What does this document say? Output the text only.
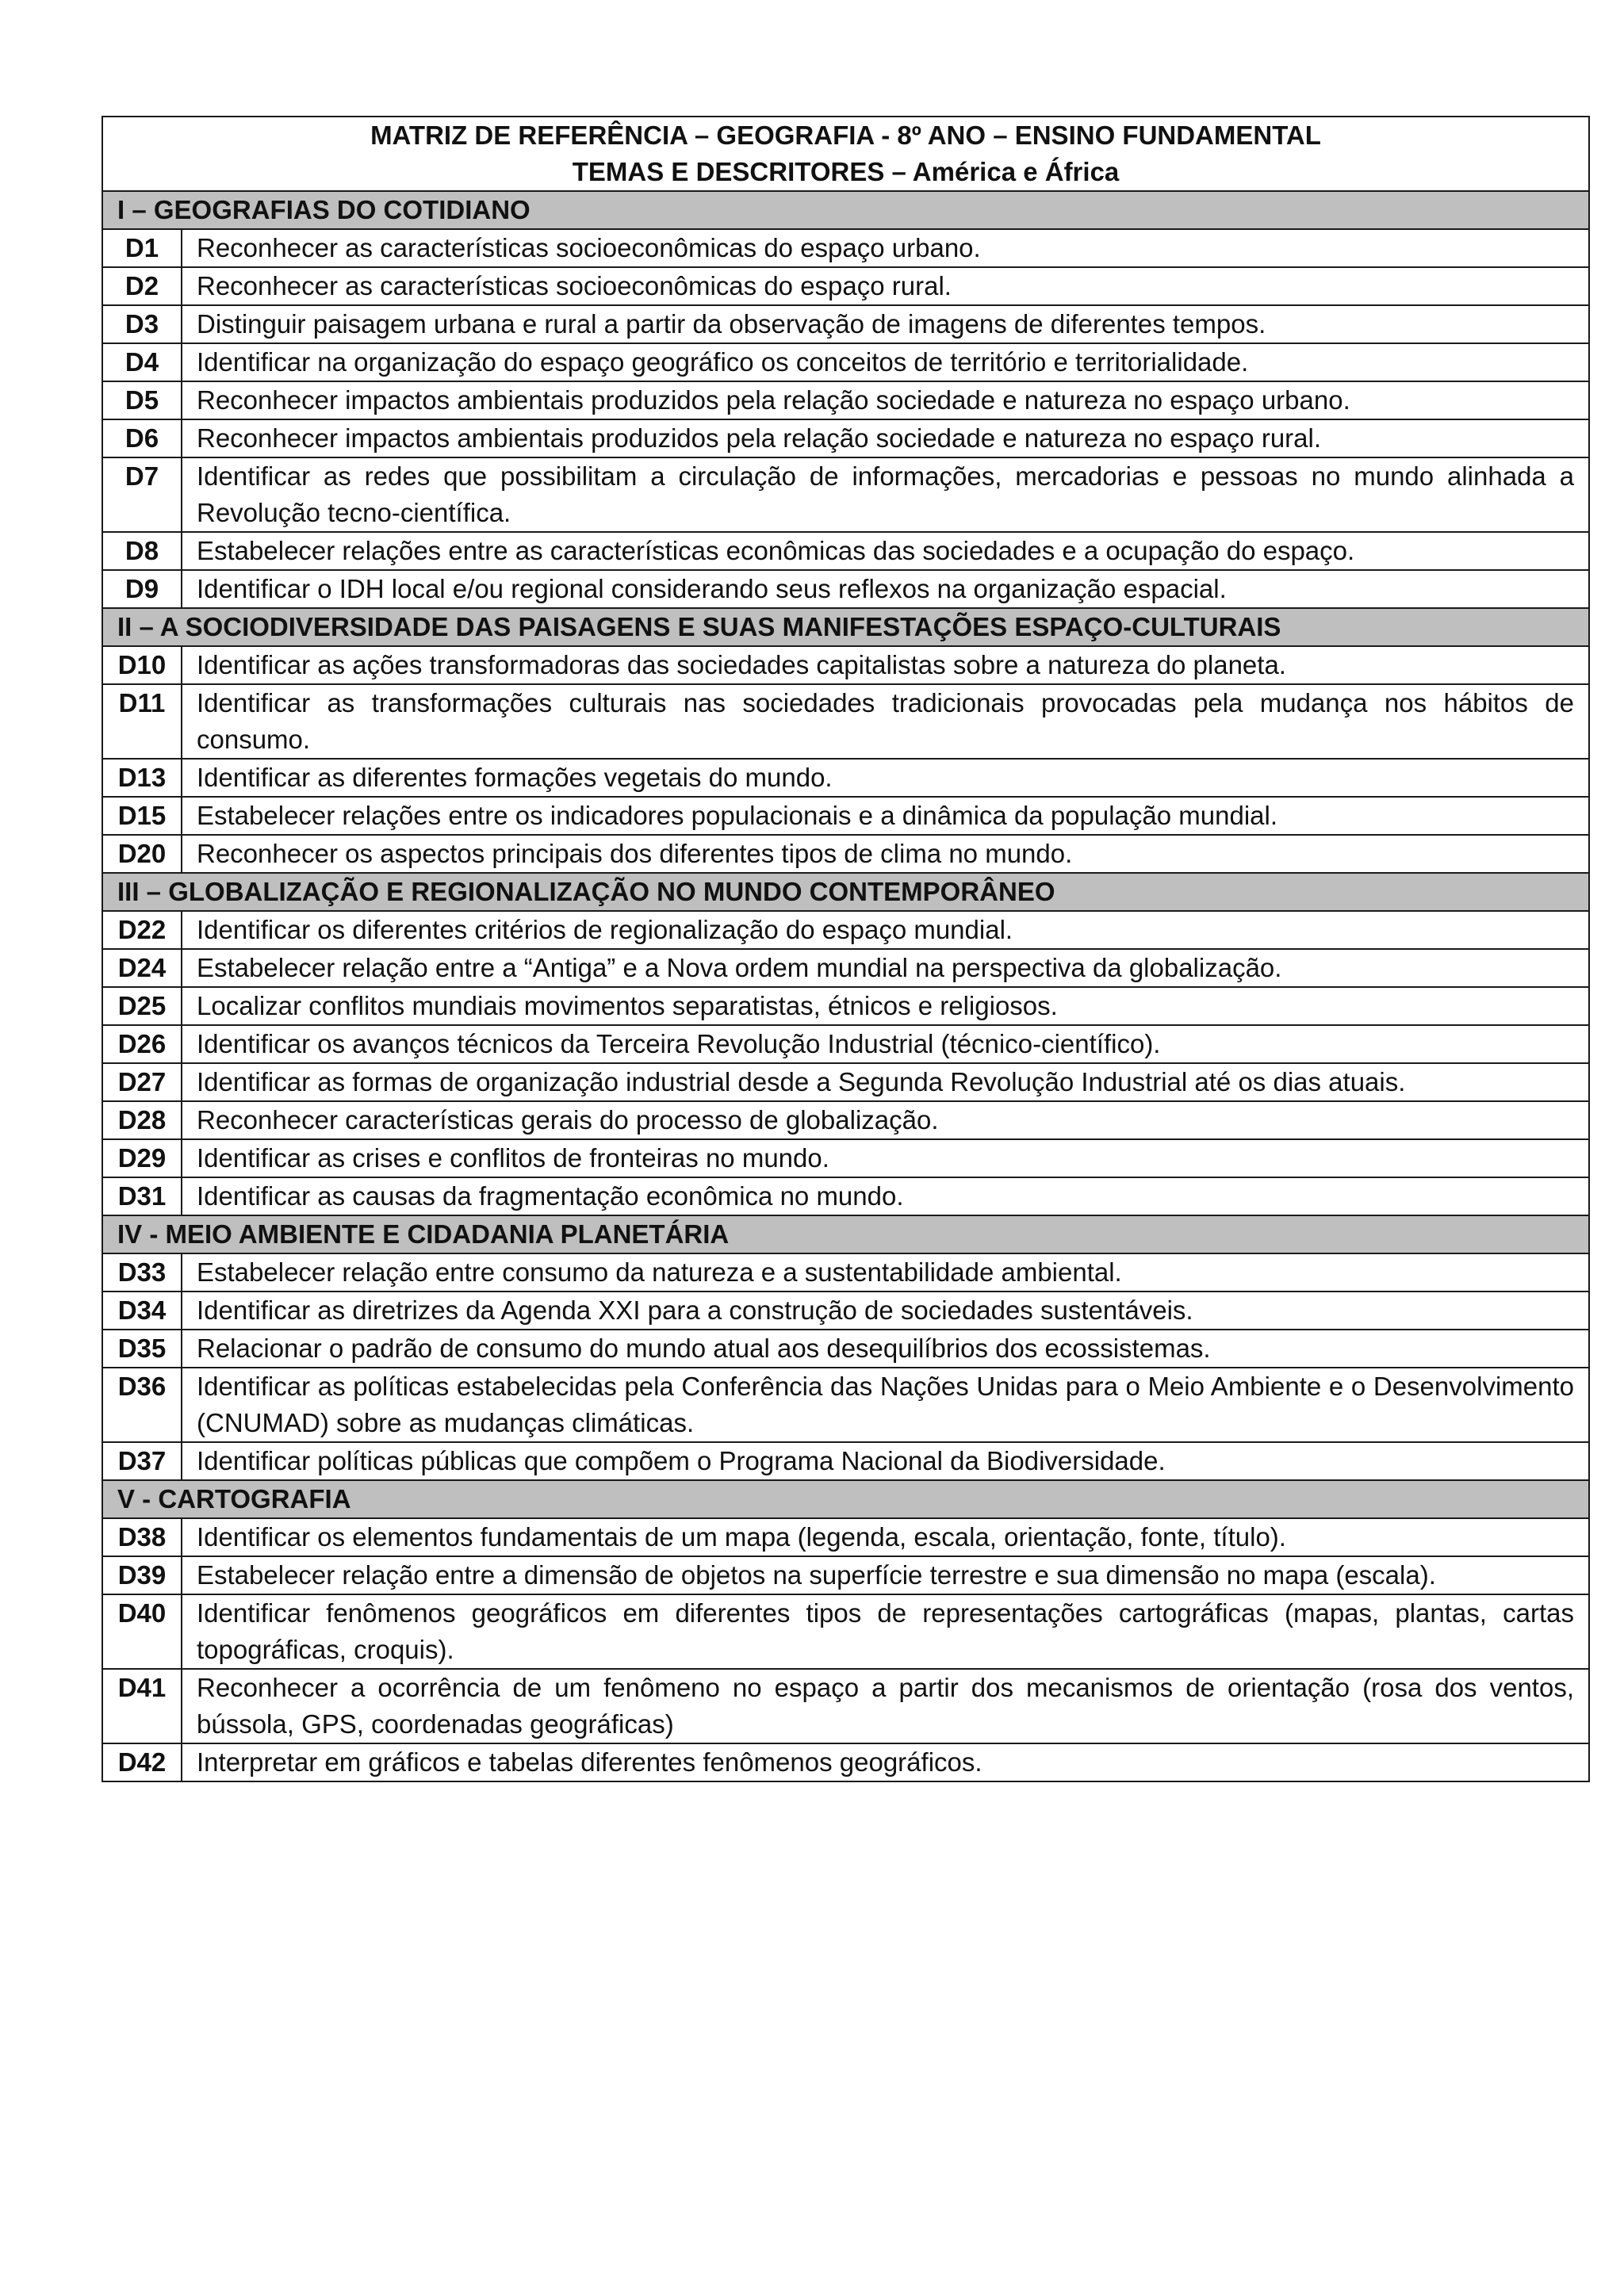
MATRIZ DE REFERÊNCIA – GEOGRAFIA - 8º ANO – ENSINO FUNDAMENTAL
TEMAS E DESCRITORES – América e África	

I – GEOGRAFIAS DO COTIDIANO	
D1	Reconhecer as características socioeconômicas do espaço urbano.
D2	Reconhecer as características socioeconômicas do espaço rural.
D3	Distinguir paisagem urbana e rural a partir da observação de imagens de diferentes tempos.
D4	Identificar na organização do espaço geográfico os conceitos de território e territorialidade.
D5	Reconhecer impactos ambientais produzidos pela relação sociedade e natureza no espaço urbano.
D6	Reconhecer impactos ambientais produzidos pela relação sociedade e natureza no espaço rural.
D7	Identificar as redes que possibilitam a circulação de informações, mercadorias e pessoas no mundo alinhada a Revolução tecno-científica.
D8	Estabelecer relações entre as características econômicas das sociedades e a ocupação do espaço.
D9	Identificar o IDH local e/ou regional considerando seus reflexos na organização espacial.
II – A SOCIODIVERSIDADE DAS PAISAGENS E SUAS MANIFESTAÇÕES ESPAÇO-CULTURAIS	
D10	Identificar as ações transformadoras das sociedades capitalistas sobre a natureza do planeta.
D11	Identificar as transformações culturais nas sociedades tradicionais provocadas pela mudança nos hábitos de consumo.
D13	Identificar as diferentes formações vegetais do mundo.
D15	Estabelecer relações entre os indicadores populacionais e a dinâmica da população mundial.
D20	Reconhecer os aspectos principais dos diferentes tipos de clima no mundo.
III – GLOBALIZAÇÃO E REGIONALIZAÇÃO NO MUNDO CONTEMPORÂNEO	
D22	Identificar os diferentes critérios de regionalização do espaço mundial.
D24	Estabelecer relação entre a “Antiga” e a Nova ordem mundial na perspectiva da globalização.
D25	Localizar conflitos mundiais movimentos separatistas, étnicos e religiosos.
D26	Identificar os avanços técnicos da Terceira Revolução Industrial (técnico-científico).
D27	Identificar as formas de organização industrial desde a Segunda Revolução Industrial até os dias atuais.
D28	Reconhecer características gerais do processo de globalização.
D29	Identificar as crises e conflitos de fronteiras no mundo.
D31	Identificar as causas da fragmentação econômica no mundo.
IV - MEIO AMBIENTE E CIDADANIA PLANETÁRIA	
D33	Estabelecer relação entre consumo da natureza e a sustentabilidade ambiental.
D34	Identificar as diretrizes da Agenda XXI para a construção de sociedades sustentáveis.
D35	Relacionar o padrão de consumo do mundo atual aos desequilíbrios dos ecossistemas.
D36	Identificar as políticas estabelecidas pela Conferência das Nações Unidas para o Meio Ambiente e o Desenvolvimento (CNUMAD) sobre as mudanças climáticas.
D37	Identificar políticas públicas que compõem o Programa Nacional da Biodiversidade.
V - CARTOGRAFIA	
D38	Identificar os elementos fundamentais de um mapa (legenda, escala, orientação, fonte, título).
D39	Estabelecer relação entre a dimensão de objetos na superfície terrestre e sua dimensão no mapa (escala).
D40	Identificar fenômenos geográficos em diferentes tipos de representações cartográficas (mapas, plantas, cartas topográficas, croquis).
D41	Reconhecer a ocorrência de um fenômeno no espaço a partir dos mecanismos de orientação (rosa dos ventos, bússola, GPS, coordenadas geográficas)
D42	Interpretar em gráficos e tabelas diferentes fenômenos geográficos.
